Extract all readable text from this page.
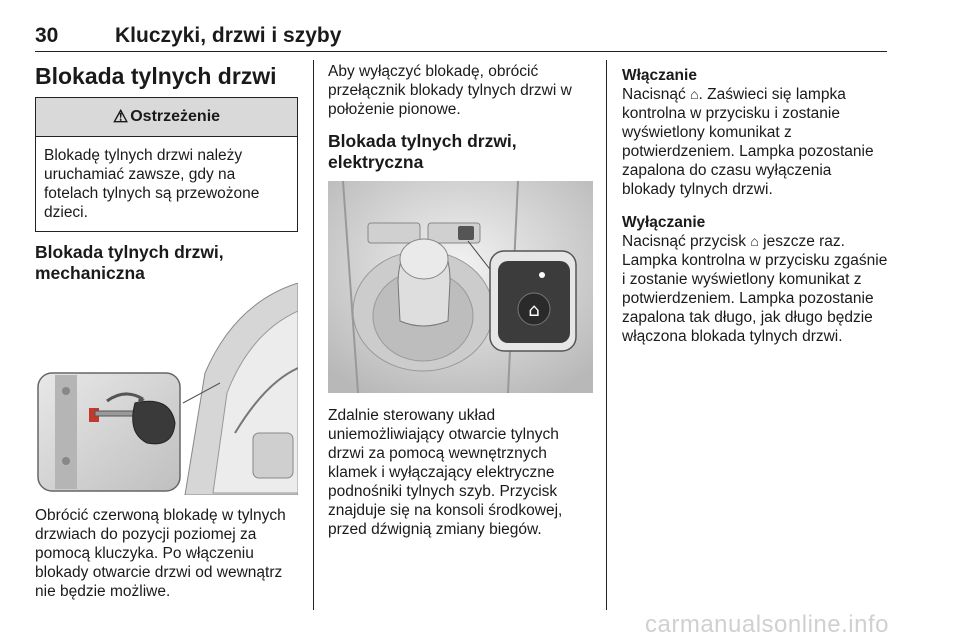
30	Kluczyki, drzwi i szyby
Blokada tylnych drzwi
⚠ Ostrzeżenie
Blokadę tylnych drzwi należy uruchamiać zawsze, gdy na fotelach tylnych są przewożone dzieci.
Blokada tylnych drzwi,
mechaniczna

Obrócić czerwoną blokadę w tylnych drzwiach do pozycji poziomej za pomocą kluczyka. Po włączeniu blokady otwarcie drzwi od wewnątrz nie będzie możliwe.

Aby wyłączyć blokadę, obrócić przełącznik blokady tylnych drzwi w położenie pionowe.

Blokada tylnych drzwi,
elektryczna
⌂

Zdalnie sterowany układ uniemożliwiający otwarcie tylnych drzwi za pomocą wewnętrznych klamek i wyłączający elektryczne podnośniki tylnych szyb. Przycisk znajduje się na konsoli środkowej, przed dźwignią zmiany biegów.

Włączanie

Nacisnąć ⌂. Zaświeci się lampka kontrolna w przycisku i zostanie wyświetlony komunikat z potwierdzeniem. Lampka pozostanie zapalona do czasu wyłączenia blokady tylnych drzwi.

Wyłączanie

Nacisnąć przycisk ⌂ jeszcze raz. Lampka kontrolna w przycisku zgaśnie i zostanie wyświetlony komunikat z potwierdzeniem. Lampka pozostanie zapalona tak długo, jak długo będzie włączona blokada tylnych drzwi.

carmanualsonline.info
